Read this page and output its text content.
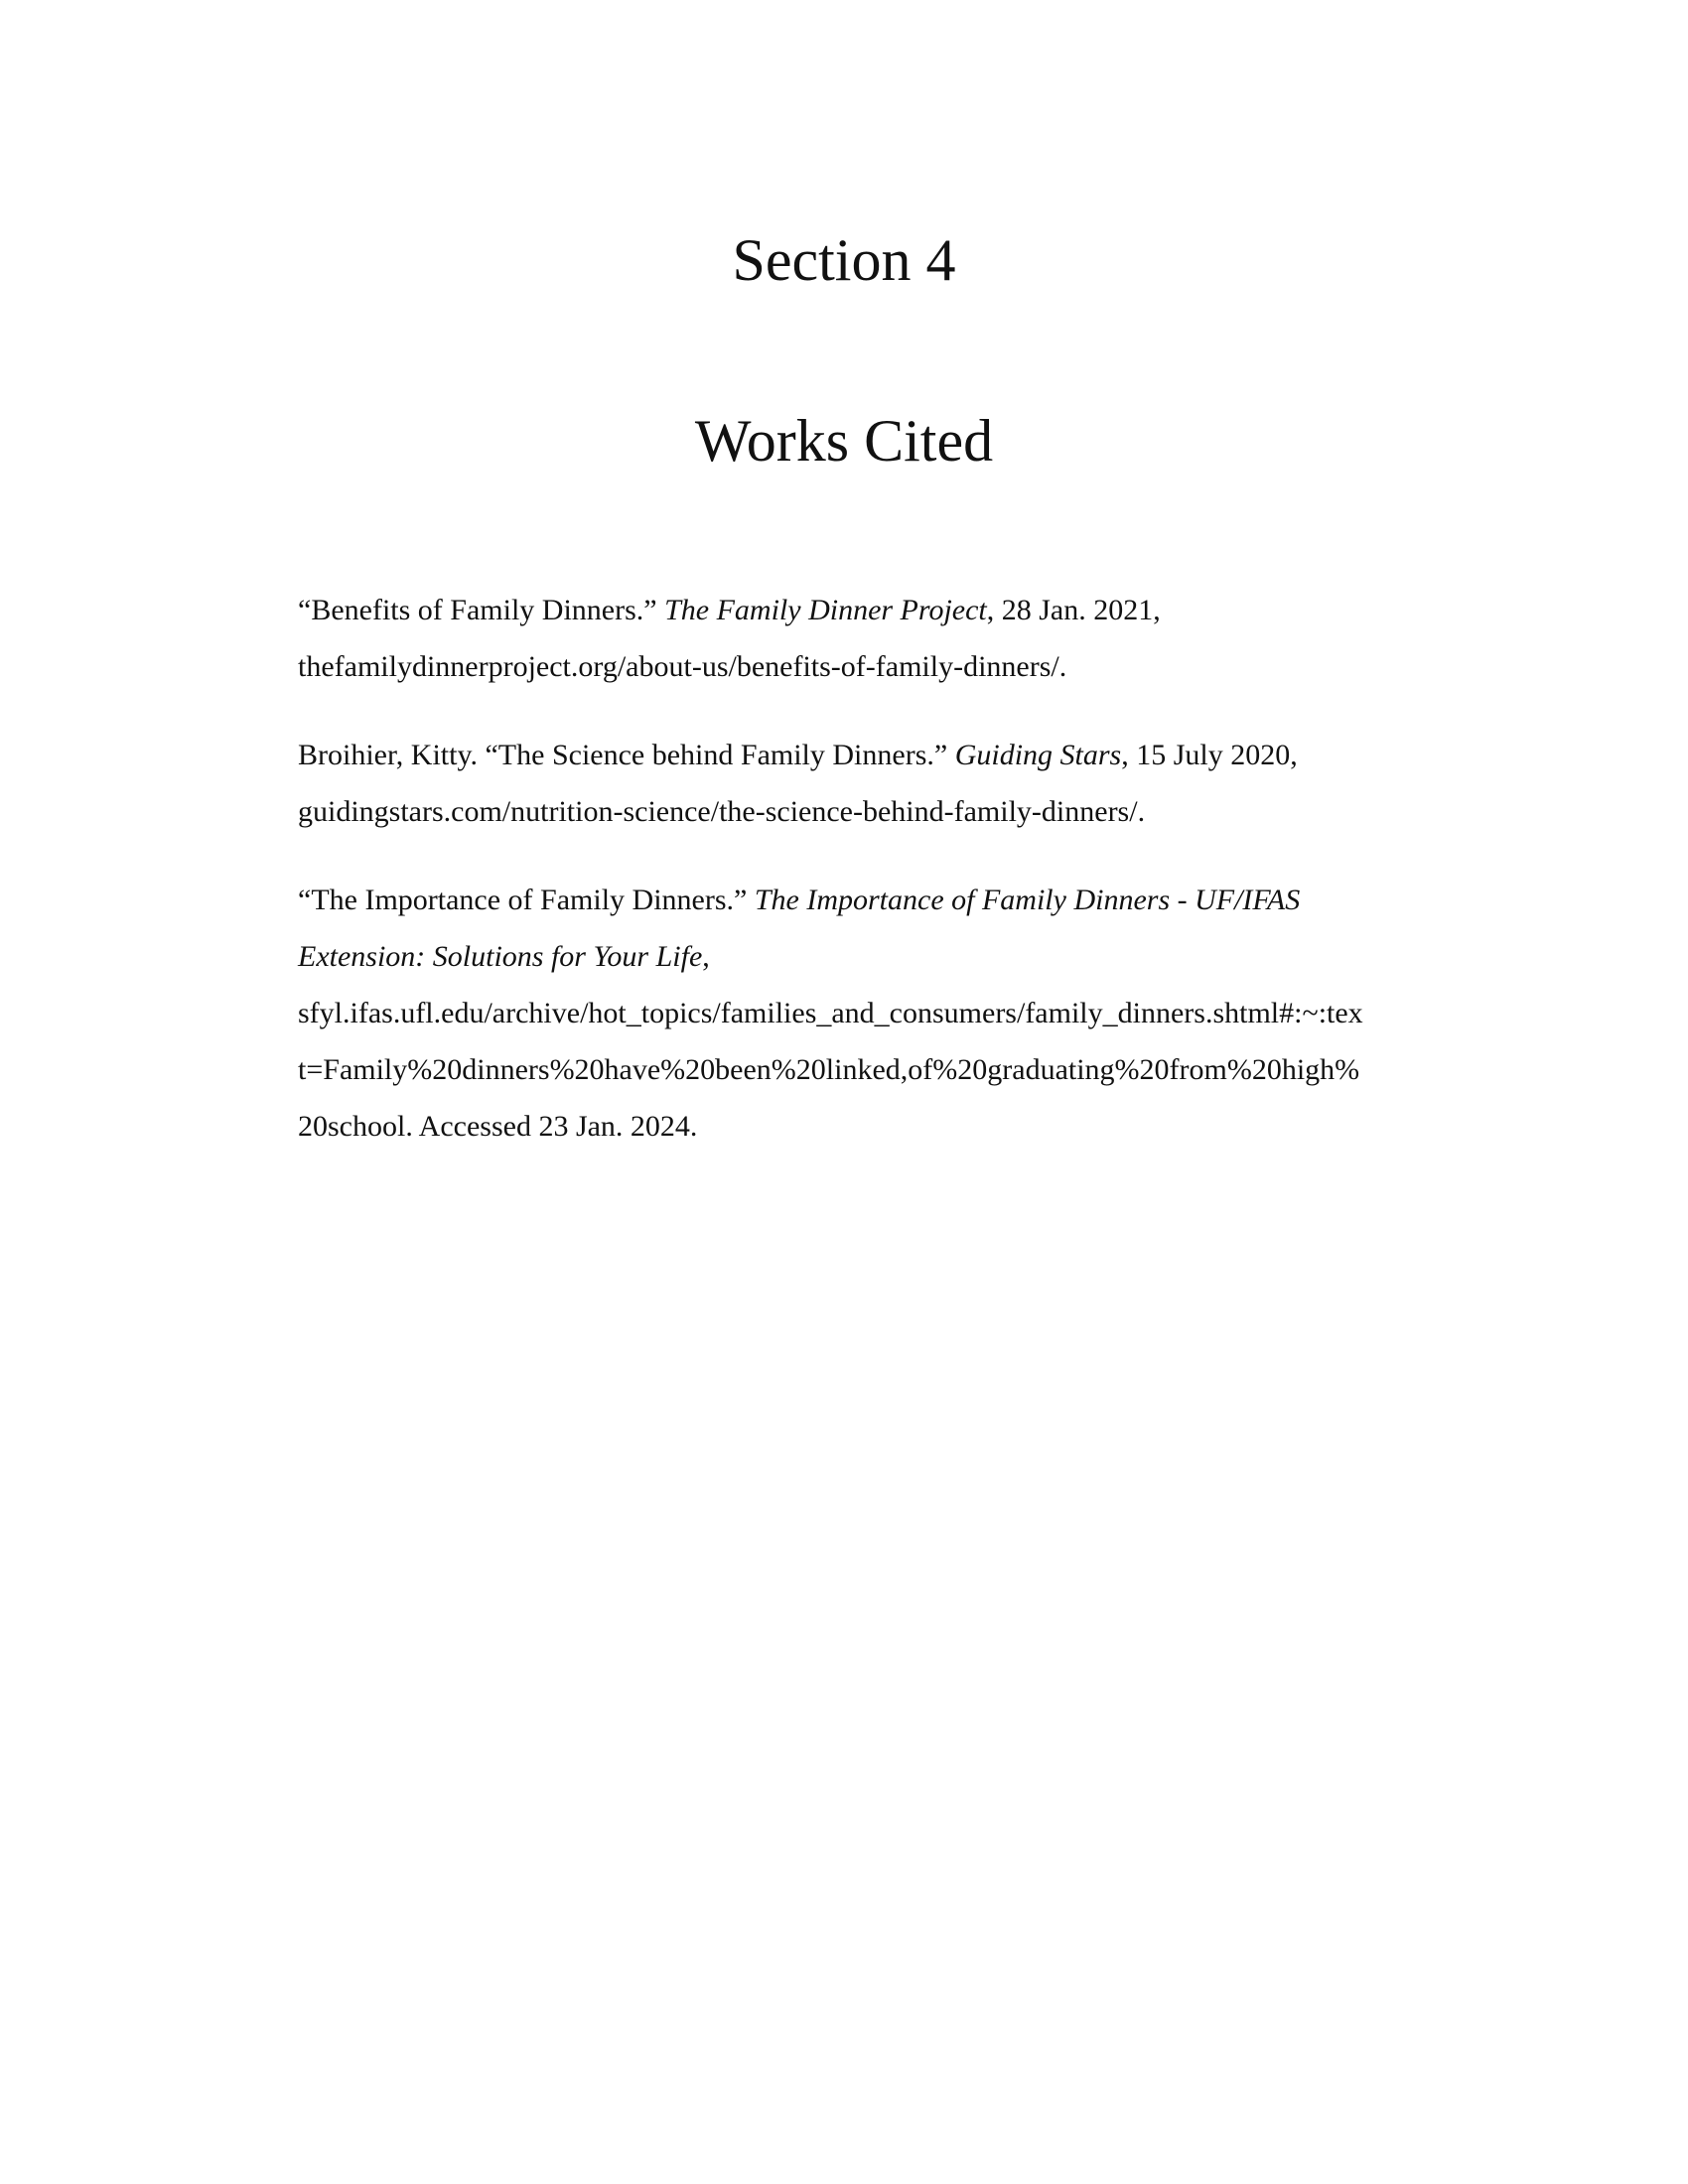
Section 4
Works Cited

“Benefits of Family Dinners.” The Family Dinner Project, 28 Jan. 2021,
thefamilydinnerproject.org/about-us/benefits-of-family-dinners/.

Broihier, Kitty. “The Science behind Family Dinners.” Guiding Stars, 15 July 2020,
guidingstars.com/nutrition-science/the-science-behind-family-dinners/.

“The Importance of Family Dinners.” The Importance of Family Dinners - UF/IFAS
Extension: Solutions for Your Life,
sfyl.ifas.ufl.edu/archive/hot_topics/families_and_consumers/family_dinners.shtml#:~:tex
t=Family%20dinners%20have%20been%20linked,of%20graduating%20from%20high%
20school. Accessed 23 Jan. 2024.
